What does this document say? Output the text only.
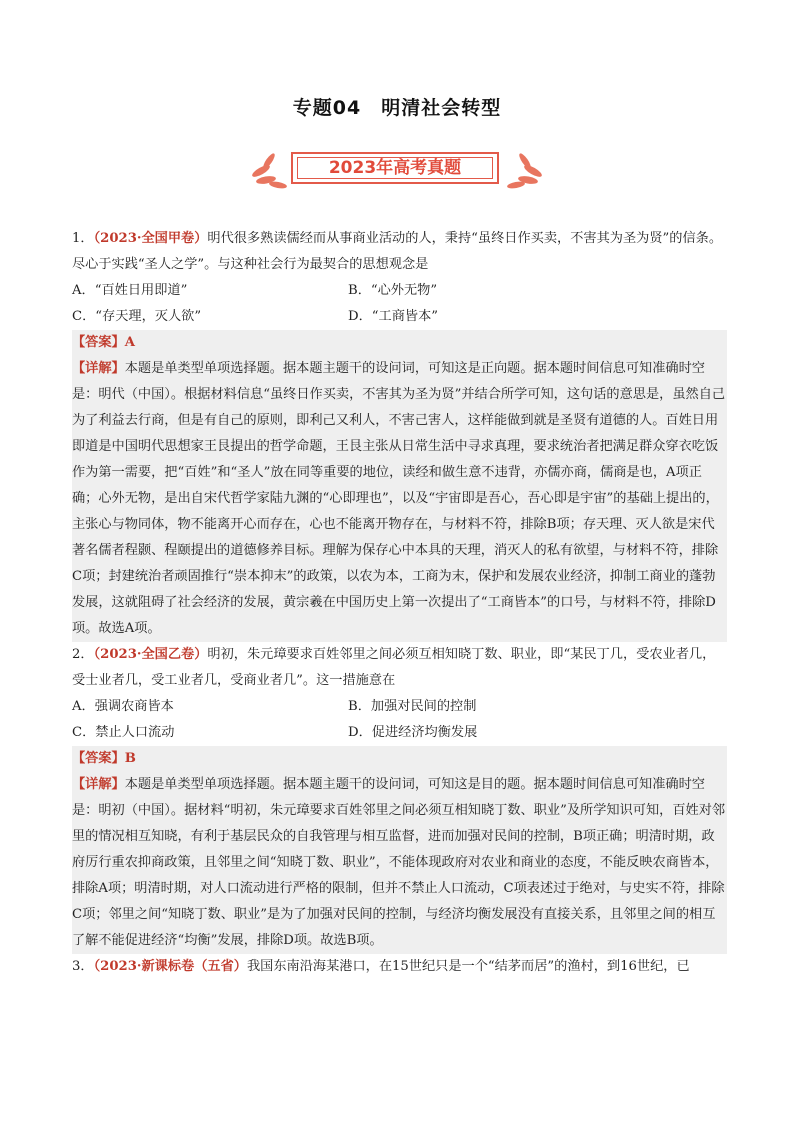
专题04　明清社会转型
2023年高考真题

1．（2023·全国甲卷）明代很多熟读儒经而从事商业活动的人，秉持“虽终日作买卖，不害其为圣为贤”的信条。尽心于实践“圣人之学”。与这种社会行为最契合的思想观念是

A．“百姓日用即道”	B．“心外无物”
C．“存天理，灭人欲”	D．“工商皆本”

【答案】A

【详解】本题是单类型单项选择题。据本题主题干的设问词，可知这是正向题。据本题时间信息可知准确时空是：明代（中国）。根据材料信息“虽终日作买卖，不害其为圣为贤”并结合所学可知，这句话的意思是，虽然自己为了利益去行商，但是有自己的原则，即利己又利人，不害己害人，这样能做到就是圣贤有道德的人。百姓日用即道是中国明代思想家王艮提出的哲学命题，王艮主张从日常生活中寻求真理，要求统治者把满足群众穿衣吃饭作为第一需要，把“百姓”和“圣人”放在同等重要的地位，读经和做生意不违背，亦儒亦商，儒商是也，A项正确；心外无物，是出自宋代哲学家陆九渊的“心即理也”，以及“宇宙即是吾心，吾心即是宇宙”的基础上提出的，主张心与物同体，物不能离开心而存在，心也不能离开物存在，与材料不符，排除B项；存天理、灭人欲是宋代著名儒者程颢、程颐提出的道德修养目标。理解为保存心中本具的天理，消灭人的私有欲望，与材料不符，排除C项；封建统治者顽固推行“崇本抑末”的政策，以农为本，工商为末，保护和发展农业经济，抑制工商业的蓬勃发展，这就阻碍了社会经济的发展，黄宗羲在中国历史上第一次提出了“工商皆本”的口号，与材料不符，排除D项。故选A项。

2．（2023·全国乙卷）明初，朱元璋要求百姓邻里之间必须互相知晓丁数、职业，即“某民丁几，受农业者几，受士业者几，受工业者几，受商业者几”。这一措施意在

A．强调农商皆本	B．加强对民间的控制
C．禁止人口流动	D．促进经济均衡发展

【答案】B

【详解】本题是单类型单项选择题。据本题主题干的设问词，可知这是目的题。据本题时间信息可知准确时空是：明初（中国）。据材料“明初，朱元璋要求百姓邻里之间必须互相知晓丁数、职业”及所学知识可知，百姓对邻里的情况相互知晓，有利于基层民众的自我管理与相互监督，进而加强对民间的控制，B项正确；明清时期，政府厉行重农抑商政策，且邻里之间“知晓丁数、职业”，不能体现政府对农业和商业的态度，不能反映农商皆本，排除A项；明清时期，对人口流动进行严格的限制，但并不禁止人口流动，C项表述过于绝对，与史实不符，排除C项；邻里之间“知晓丁数、职业”是为了加强对民间的控制，与经济均衡发展没有直接关系，且邻里之间的相互了解不能促进经济“均衡”发展，排除D项。故选B项。

3．（2023·新课标卷（五省）我国东南沿海某港口，在15世纪只是一个“结茅而居”的渔村，到16世纪，已
